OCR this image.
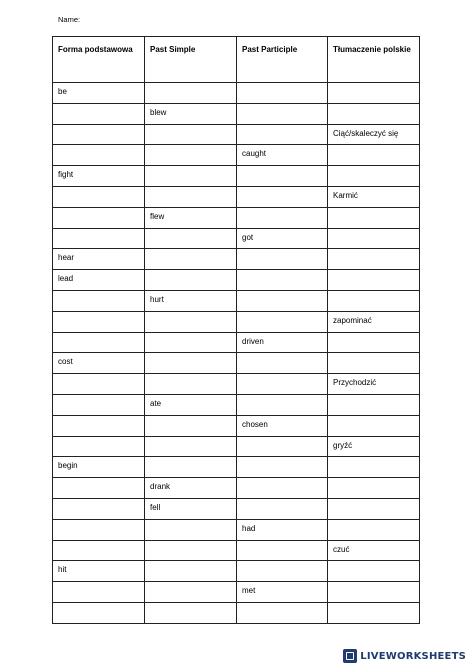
Name:
Forma podstawowa	Past Simple	Past Participle	Tłumaczenie polskie
be			
	blew		
			Ciąć/skaleczyć się
		caught	
fight			
			Karmić
	flew		
		got	
hear			
lead			
	hurt		
			zapominać
		driven	
cost			
			Przychodzić
	ate		
		chosen	
			gryźć
begin			
	drank		
	fell		
		had	
			czuć
hit			
		met	

LIVEWORKSHEETS
